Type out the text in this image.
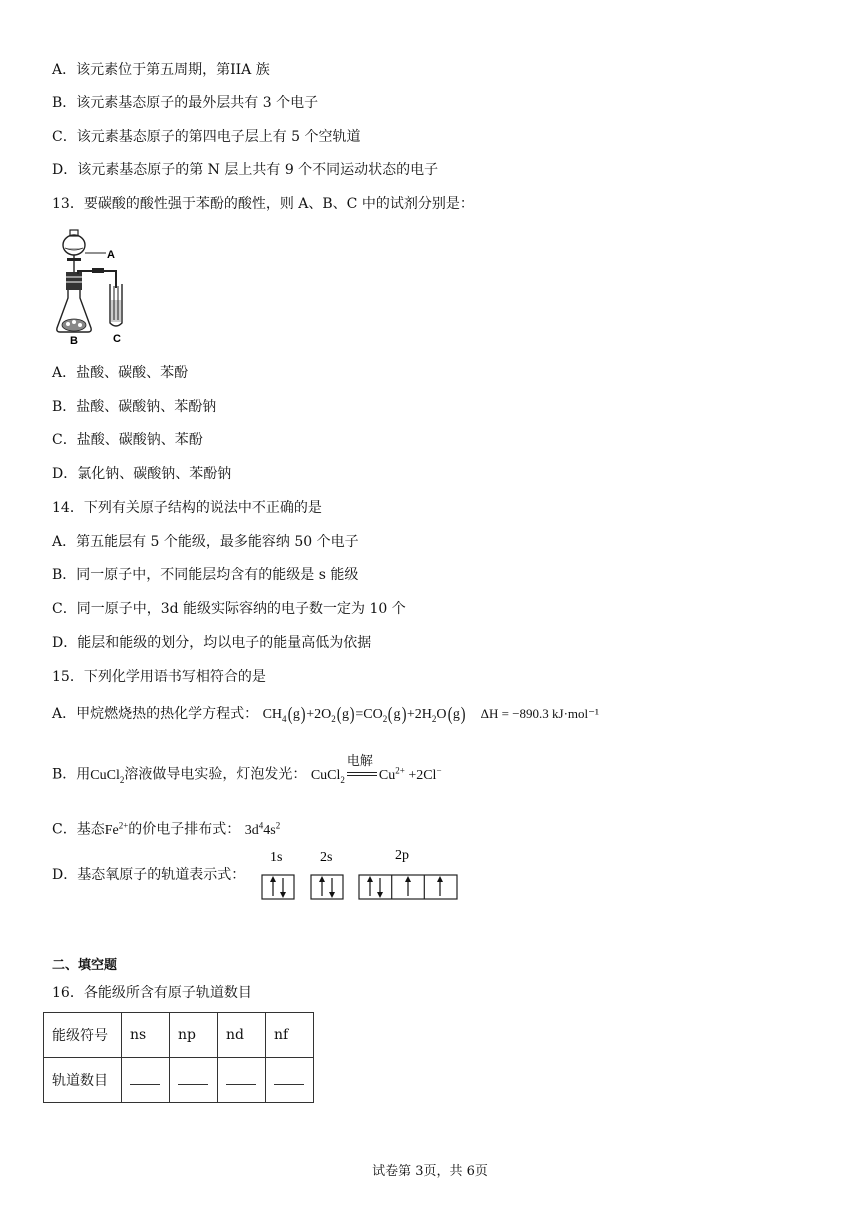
A．该元素位于第五周期，第IIA 族
B．该元素基态原子的最外层共有 3 个电子
C．该元素基态原子的第四电子层上有 5 个空轨道
D．该元素基态原子的第 N 层上共有 9 个不同运动状态的电子
13．要碳酸的酸性强于苯酚的酸性，则 A、B、C 中的试剂分别是：
A
B	C
A．盐酸、碳酸、苯酚
B．盐酸、碳酸钠、苯酚钠
C．盐酸、碳酸钠、苯酚
D．氯化钠、碳酸钠、苯酚钠
14．下列有关原子结构的说法中不正确的是
A．第五能层有 5 个能级，最多能容纳 50 个电子
B．同一原子中，不同能层均含有的能级是 s 能级
C．同一原子中，3d 能级实际容纳的电子数一定为 10 个
D．能层和能级的划分，均以电子的能量高低为依据
15．下列化学用语书写相符合的是
A．甲烷燃烧热的热化学方程式： $CH_4(g)+2O_2(g)=CO_2(g)+2H_2O(g) \Delta H = -890.3$ kJ·mol⁻¹
B．用CuCl$_2$溶液做导电实验，灯泡发光： CuCl$_2$
电解
$Cu^{2+} +2Cl^-$
C．基态$Fe^{2+}$的价电子排布式： $3d^44s^2$
D．基态氧原子的轨道表示式：
1s	2s	2p
二、填空题
16．各能级所含有原子轨道数目
能级符号	ns	np	nd	nf
轨道数目				
试卷第 3页，共 6页
